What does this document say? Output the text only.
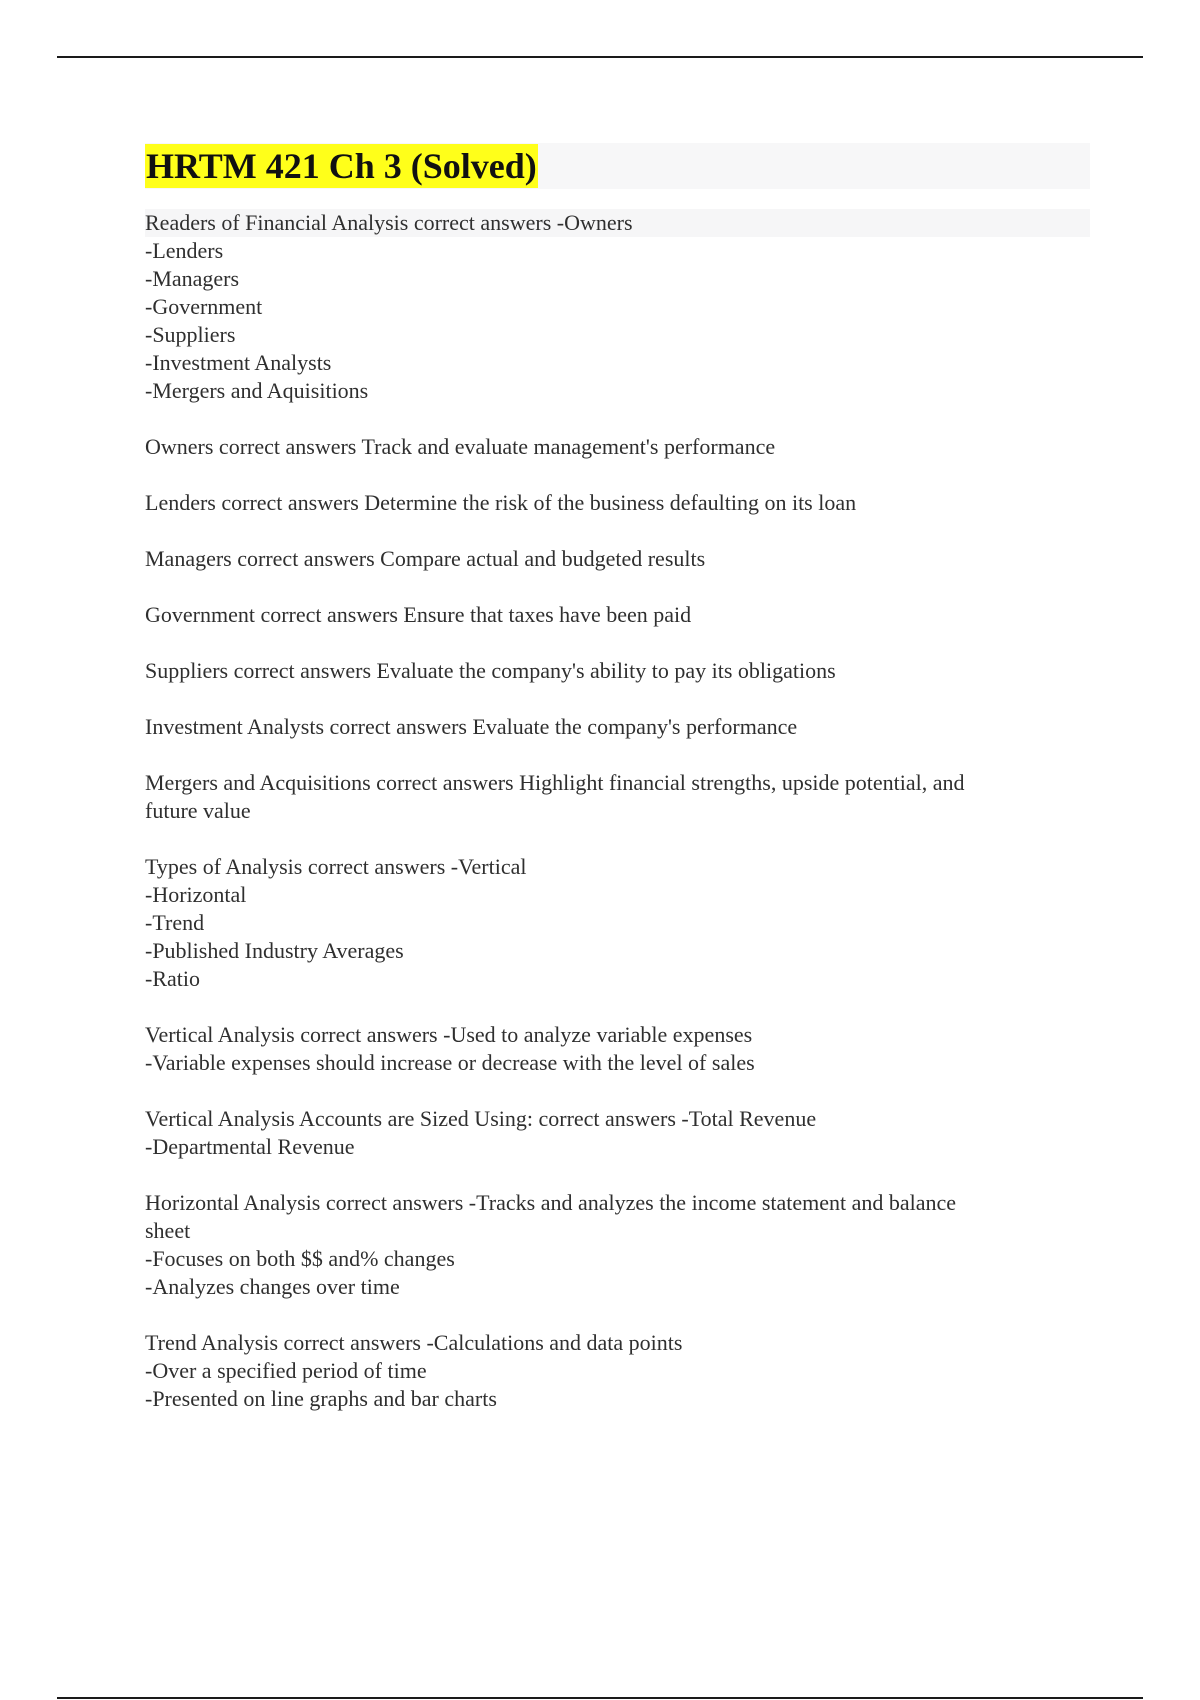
HRTM 421 Ch 3 (Solved)
Readers of Financial Analysis correct answers -Owners
-Lenders
-Managers
-Government
-Suppliers
-Investment Analysts
-Mergers and Aquisitions
Owners correct answers Track and evaluate management's performance
Lenders correct answers Determine the risk of the business defaulting on its loan
Managers correct answers Compare actual and budgeted results
Government correct answers Ensure that taxes have been paid
Suppliers correct answers Evaluate the company's ability to pay its obligations
Investment Analysts correct answers Evaluate the company's performance
Mergers and Acquisitions correct answers Highlight financial strengths, upside potential, and
future value
Types of Analysis correct answers -Vertical
-Horizontal
-Trend
-Published Industry Averages
-Ratio
Vertical Analysis correct answers -Used to analyze variable expenses
-Variable expenses should increase or decrease with the level of sales
Vertical Analysis Accounts are Sized Using: correct answers -Total Revenue
-Departmental Revenue
Horizontal Analysis correct answers -Tracks and analyzes the income statement and balance
sheet
-Focuses on both $$ and% changes
-Analyzes changes over time
Trend Analysis correct answers -Calculations and data points
-Over a specified period of time
-Presented on line graphs and bar charts
